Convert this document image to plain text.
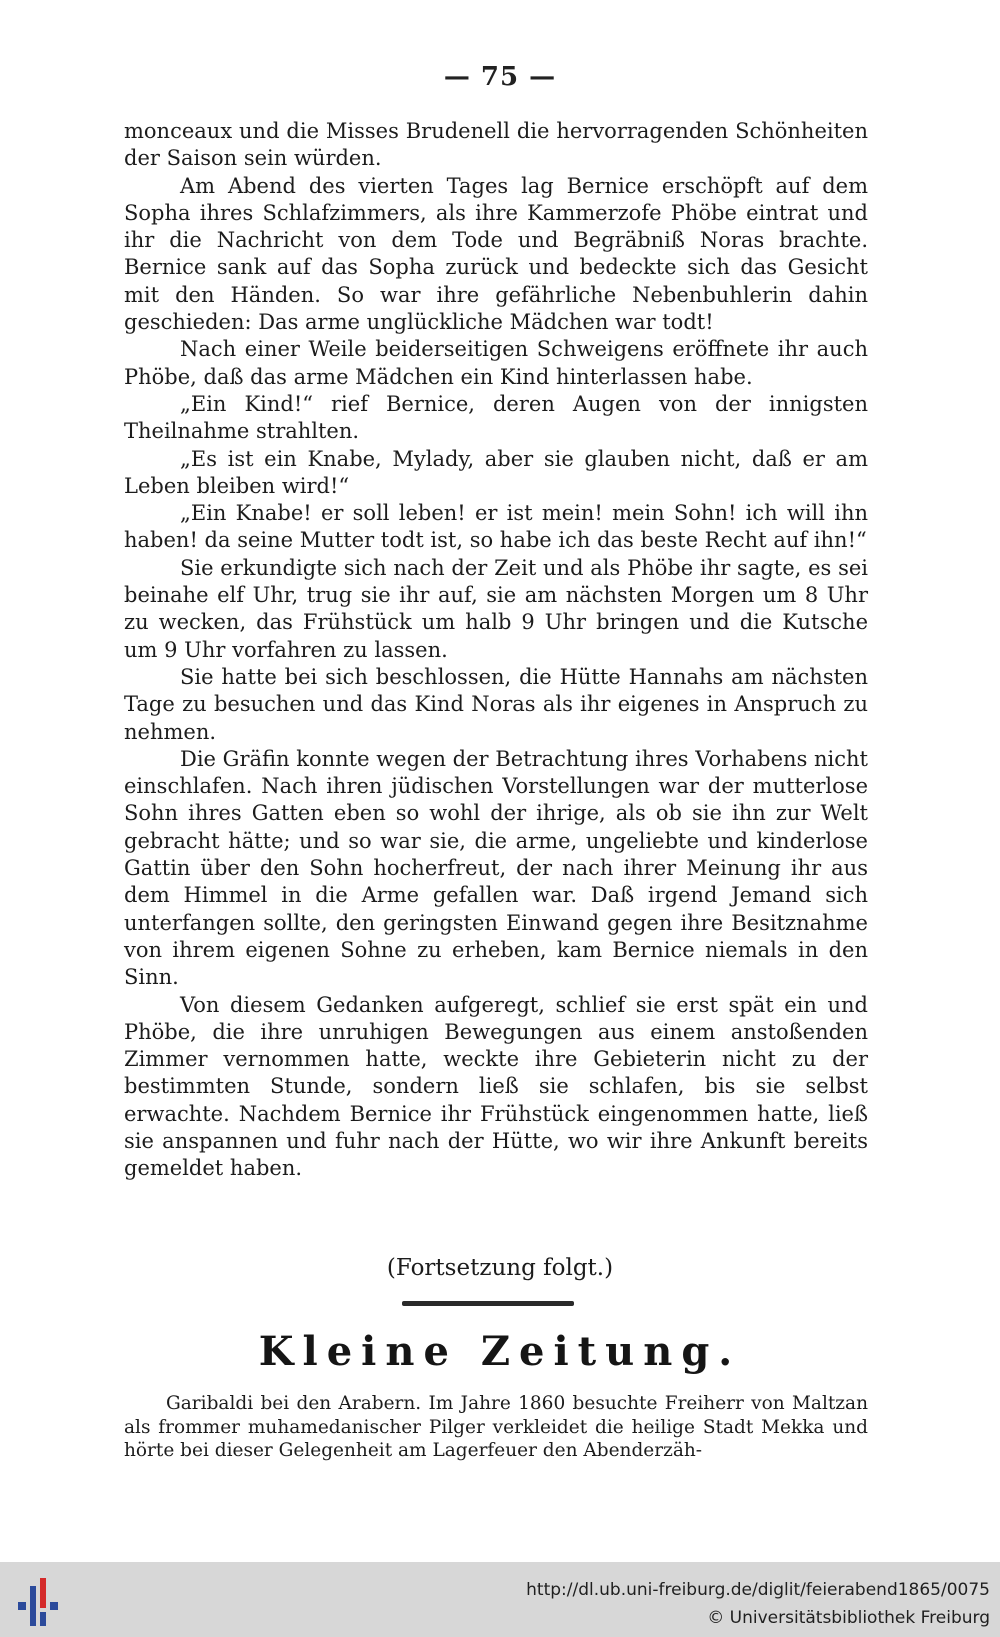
— 75 —

monceaux und die Misses Brudenell die hervorragenden Schönheiten der Saison sein würden.

Am Abend des vierten Tages lag Bernice erschöpft auf dem Sopha ihres Schlafzimmers, als ihre Kammerzofe Phöbe eintrat und ihr die Nachricht von dem Tode und Begräbniß Noras brachte. Bernice sank auf das Sopha zurück und bedeckte sich das Gesicht mit den Händen. So war ihre gefährliche Nebenbuhlerin dahin geschieden: Das arme unglückliche Mädchen war todt!

Nach einer Weile beiderseitigen Schweigens eröffnete ihr auch Phöbe, daß das arme Mädchen ein Kind hinterlassen habe.

„Ein Kind!“ rief Bernice, deren Augen von der innigsten Theilnahme strahlten.

„Es ist ein Knabe, Mylady, aber sie glauben nicht, daß er am Leben bleiben wird!“

„Ein Knabe! er soll leben! er ist mein! mein Sohn! ich will ihn haben! da seine Mutter todt ist, so habe ich das beste Recht auf ihn!“

Sie erkundigte sich nach der Zeit und als Phöbe ihr sagte, es sei beinahe elf Uhr, trug sie ihr auf, sie am nächsten Morgen um 8 Uhr zu wecken, das Frühstück um halb 9 Uhr bringen und die Kutsche um 9 Uhr vorfahren zu lassen.

Sie hatte bei sich beschlossen, die Hütte Hannahs am nächsten Tage zu besuchen und das Kind Noras als ihr eigenes in Anspruch zu nehmen.

Die Gräfin konnte wegen der Betrachtung ihres Vorhabens nicht einschlafen. Nach ihren jüdischen Vorstellungen war der mutterlose Sohn ihres Gatten eben so wohl der ihrige, als ob sie ihn zur Welt gebracht hätte; und so war sie, die arme, ungeliebte und kinderlose Gattin über den Sohn hocherfreut, der nach ihrer Meinung ihr aus dem Himmel in die Arme gefallen war. Daß irgend Jemand sich unterfangen sollte, den geringsten Einwand gegen ihre Besitznahme von ihrem eigenen Sohne zu erheben, kam Bernice niemals in den Sinn.

Von diesem Gedanken aufgeregt, schlief sie erst spät ein und Phöbe, die ihre unruhigen Bewegungen aus einem anstoßenden Zimmer vernommen hatte, weckte ihre Gebieterin nicht zu der bestimmten Stunde, sondern ließ sie schlafen, bis sie selbst erwachte. Nachdem Bernice ihr Frühstück eingenommen hatte, ließ sie anspannen und fuhr nach der Hütte, wo wir ihre Ankunft bereits gemeldet haben.

(Fortsetzung folgt.)
Kleine Zeitung.

Garibaldi bei den Arabern. Im Jahre 1860 besuchte Freiherr von Maltzan als frommer muhamedanischer Pilger verkleidet die heilige Stadt Mekka und hörte bei dieser Gelegenheit am Lagerfeuer den Abenderzäh-

http://dl.ub.uni-freiburg.de/diglit/feierabend1865/0075
© Universitätsbibliothek Freiburg
